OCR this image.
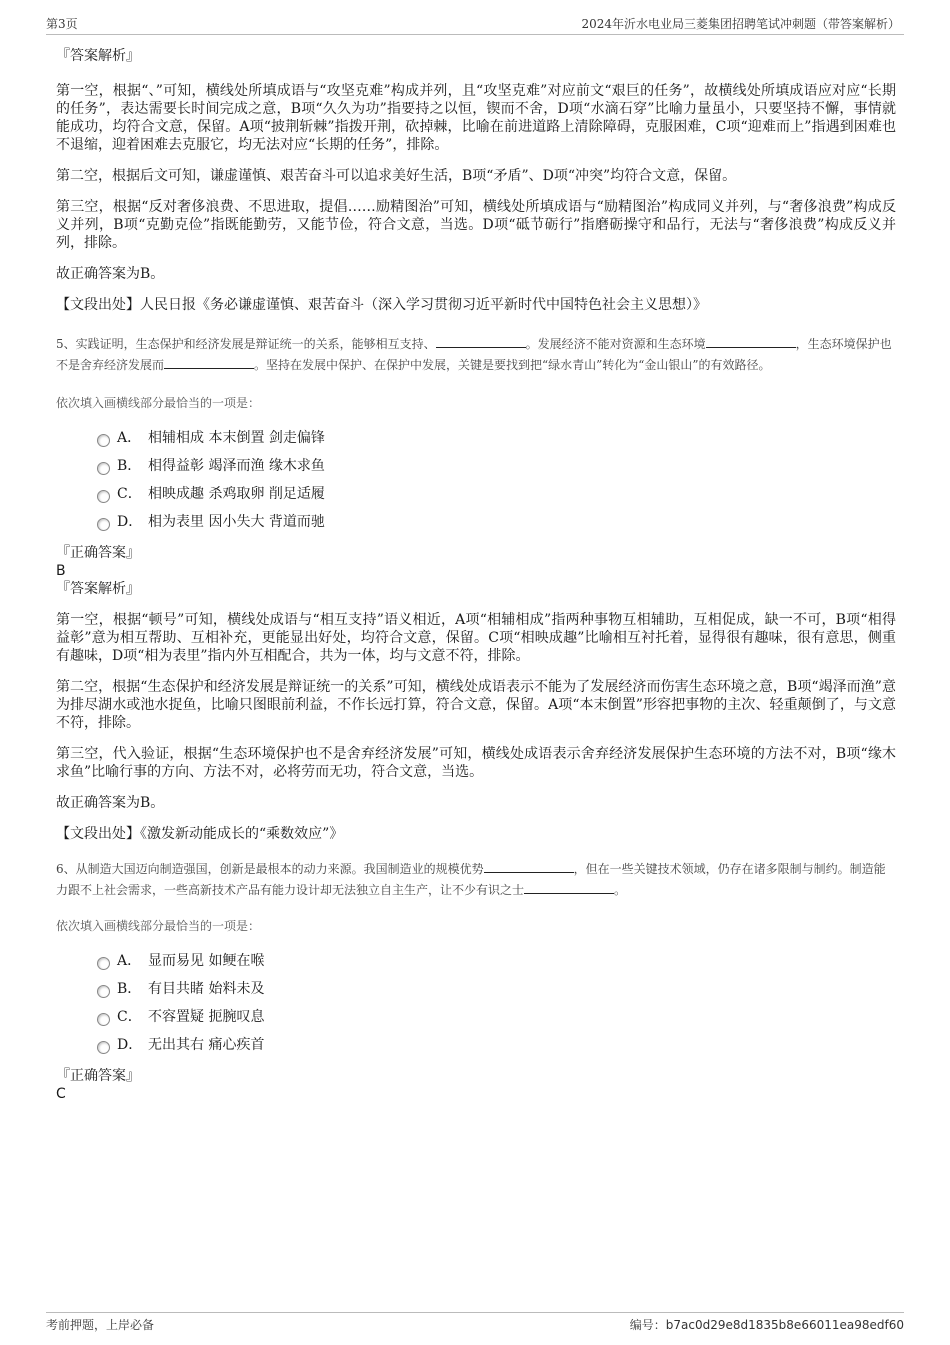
第3页	2024年沂水电业局三菱集团招聘笔试冲刺题（带答案解析）

『答案解析』

第一空，根据“、”可知，横线处所填成语与“攻坚克难”构成并列，且“攻坚克难”对应前文“艰巨的任务”，故横线处所填成语应对应“长期的任务”，表达需要长时间完成之意，B项“久久为功”指要持之以恒，锲而不舍，D项“水滴石穿”比喻力量虽小，只要坚持不懈，事情就能成功，均符合文意，保留。A项“披荆斩棘”指拨开荆，砍掉棘，比喻在前进道路上清除障碍，克服困难，C项“迎难而上”指遇到困难也不退缩，迎着困难去克服它，均无法对应“长期的任务”，排除。

第二空，根据后文可知，谦虚谨慎、艰苦奋斗可以追求美好生活，B项“矛盾”、D项“冲突”均符合文意，保留。

第三空，根据“反对奢侈浪费、不思进取，提倡……励精图治”可知，横线处所填成语与“励精图治”构成同义并列，与“奢侈浪费”构成反义并列，B项“克勤克俭”指既能勤劳，又能节俭，符合文意，当选。D项“砥节砺行”指磨砺操守和品行，无法与“奢侈浪费”构成反义并列，排除。

故正确答案为B。

【文段出处】人民日报《务必谦虚谨慎、艰苦奋斗（深入学习贯彻习近平新时代中国特色社会主义思想）》

5、实践证明，生态保护和经济发展是辩证统一的关系，能够相互支持、	。发展经济不能对资源和生态环境	，生态环境保护也不是舍弃经济发展而	。坚持在发展中保护、在保护中发展，关键是要找到把“绿水青山”转化为“金山银山”的有效路径。

依次填入画横线部分最恰当的一项是：

A． 相辅相成 本末倒置 剑走偏锋
B． 相得益彰 竭泽而渔 缘木求鱼
C． 相映成趣 杀鸡取卵 削足适履
D． 相为表里 因小失大 背道而驰

『正确答案』

B

『答案解析』

第一空，根据“顿号”可知，横线处成语与“相互支持”语义相近，A项“相辅相成”指两种事物互相辅助，互相促成，缺一不可，B项“相得益彰”意为相互帮助、互相补充，更能显出好处，均符合文意，保留。C项“相映成趣”比喻相互衬托着，显得很有趣味，很有意思，侧重有趣味，D项“相为表里”指内外互相配合，共为一体，均与文意不符，排除。

第二空，根据“生态保护和经济发展是辩证统一的关系”可知，横线处成语表示不能为了发展经济而伤害生态环境之意，B项“竭泽而渔”意为排尽湖水或池水捉鱼，比喻只图眼前利益，不作长远打算，符合文意，保留。A项“本末倒置”形容把事物的主次、轻重颠倒了，与文意不符，排除。

第三空，代入验证，根据“生态环境保护也不是舍弃经济发展”可知，横线处成语表示舍弃经济发展保护生态环境的方法不对，B项“缘木求鱼”比喻行事的方向、方法不对，必将劳而无功，符合文意，当选。

故正确答案为B。

【文段出处】《激发新动能成长的“乘数效应”》

6、从制造大国迈向制造强国，创新是最根本的动力来源。我国制造业的规模优势	，但在一些关键技术领域，仍存在诸多限制与制约。制造能力跟不上社会需求，一些高新技术产品有能力设计却无法独立自主生产，让不少有识之士	。

依次填入画横线部分最恰当的一项是：

A． 显而易见 如鲠在喉
B． 有目共睹 始料未及
C． 不容置疑 扼腕叹息
D． 无出其右 痛心疾首

『正确答案』

C

考前押题，上岸必备	编号：b7ac0d29e8d1835b8e66011ea98edf60
